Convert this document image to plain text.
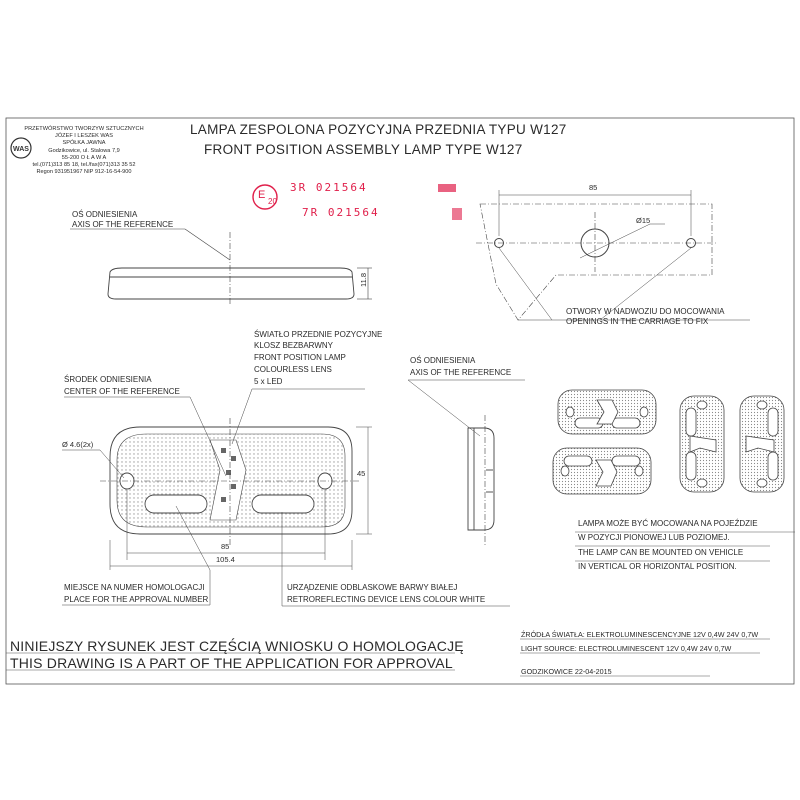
WAS
PRZETWÓRSTWO TWORZYW SZTUCZNYCH
JÓZEF I LESZEK WAS
SPÓŁKA JAWNA
Godzikowice, ul. Stalowa 7,9
55-200 O Ł A W A
tel.(071)313 85 18, tel./fax(071)313 35 52
Regon 931951967 NIP 912-16-54-900
LAMPA ZESPOLONA POZYCYJNA PRZEDNIA TYPU W127
FRONT POSITION ASSEMBLY LAMP TYPE W127
E
20
3R 021564
7R 021564
OŚ ODNIESIENIA
AXIS OF THE REFERENCE
ŚWIATŁO PRZEDNIE POZYCYJNE
KLOSZ BEZBARWNY
FRONT POSITION LAMP
COLOURLESS LENS
5 x LED
ŚRODEK ODNIESIENIA
CENTER OF THE REFERENCE
OŚ ODNIESIENIA
AXIS OF THE REFERENCE
OTWORY W NADWOZIU DO MOCOWANIA
OPENINGS IN THE CARRIAGE TO FIX
MIEJSCE NA NUMER HOMOLOGACJI
PLACE FOR THE APPROVAL NUMBER
URZĄDZENIE ODBLASKOWE BARWY BIAŁEJ
RETROREFLECTING DEVICE LENS COLOUR WHITE
LAMPA MOŻE BYĆ MOCOWANA NA POJEŹDZIE
W POZYCJI PIONOWEJ LUB POZIOMEJ.
THE LAMP CAN BE MOUNTED ON VEHICLE
IN VERTICAL OR HORIZONTAL POSITION.
11.8
85
Ø15
Ø 4.6(2x)
45
85
105.4
NINIEJSZY RYSUNEK JEST CZĘŚCIĄ WNIOSKU O HOMOLOGACJĘ
THIS DRAWING IS A PART OF THE APPLICATION FOR APPROVAL
ŹRÓDŁA ŚWIATŁA: ELEKTROLUMINESCENCYJNE 12V 0,4W 24V 0,7W
LIGHT SOURCE: ELECTROLUMINESCENT 12V 0,4W 24V 0,7W
GODZIKOWICE 22-04-2015
